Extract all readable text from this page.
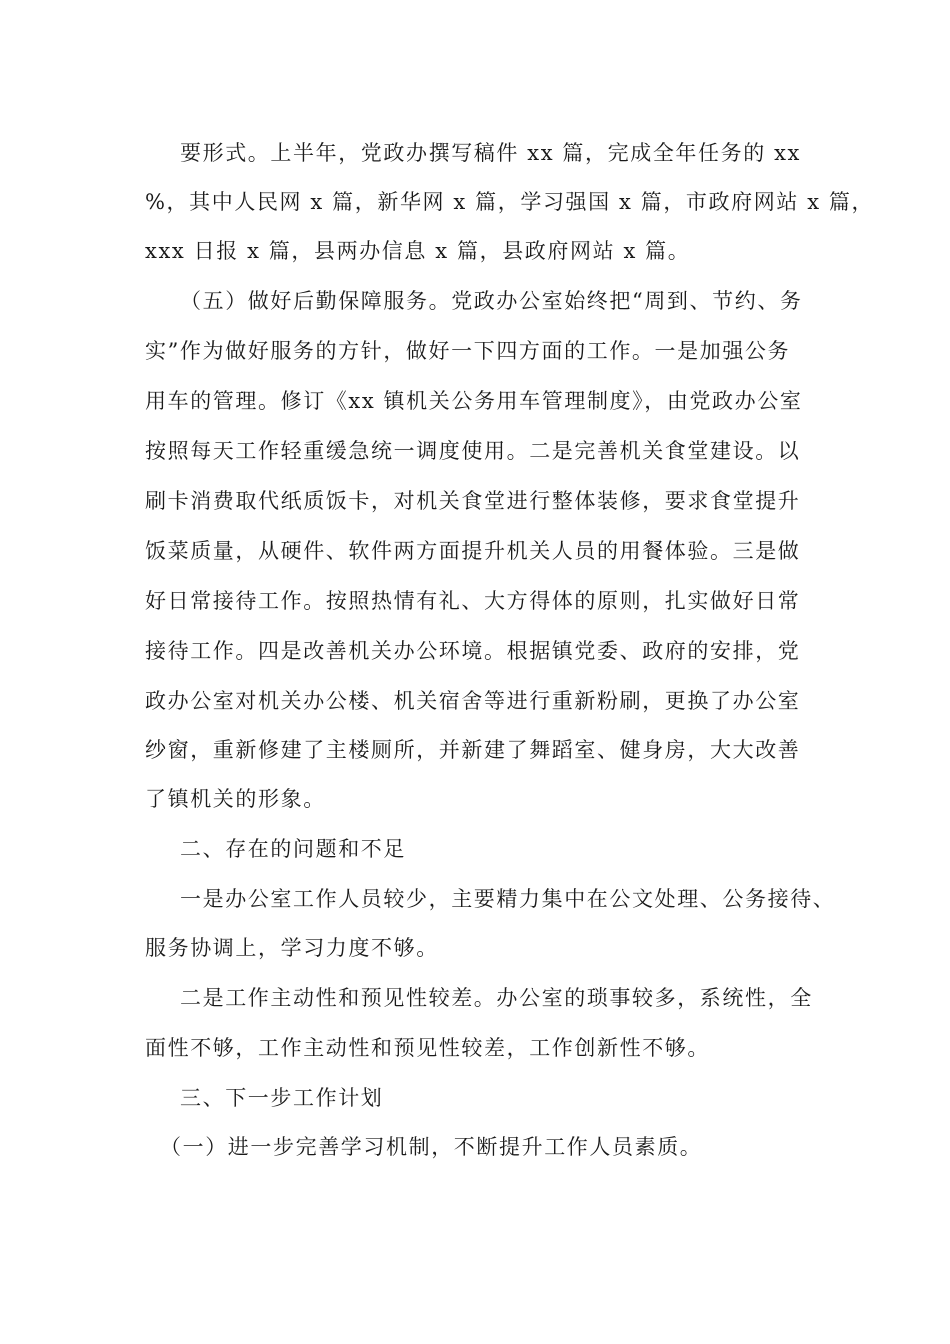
要形式。上半年，党政办撰写稿件 xx 篇，完成全年任务的 xx
%，其中人民网 x 篇，新华网 x 篇，学习强国 x 篇，市政府网站 x 篇，
xxx 日报 x 篇，县两办信息 x 篇，县政府网站 x 篇。
（五）做好后勤保障服务。党政办公室始终把“周到、节约、务
实”作为做好服务的方针，做好一下四方面的工作。一是加强公务
用车的管理。修订《xx 镇机关公务用车管理制度》，由党政办公室
按照每天工作轻重缓急统一调度使用。二是完善机关食堂建设。以
刷卡消费取代纸质饭卡，对机关食堂进行整体装修，要求食堂提升
饭菜质量，从硬件、软件两方面提升机关人员的用餐体验。三是做
好日常接待工作。按照热情有礼、大方得体的原则，扎实做好日常
接待工作。四是改善机关办公环境。根据镇党委、政府的安排，党
政办公室对机关办公楼、机关宿舍等进行重新粉刷，更换了办公室
纱窗，重新修建了主楼厕所，并新建了舞蹈室、健身房，大大改善
了镇机关的形象。
二、存在的问题和不足
一是办公室工作人员较少，主要精力集中在公文处理、公务接待、
服务协调上，学习力度不够。
二是工作主动性和预见性较差。办公室的琐事较多，系统性，全
面性不够，工作主动性和预见性较差，工作创新性不够。
三、下一步工作计划
（一）进一步完善学习机制，不断提升工作人员素质。
